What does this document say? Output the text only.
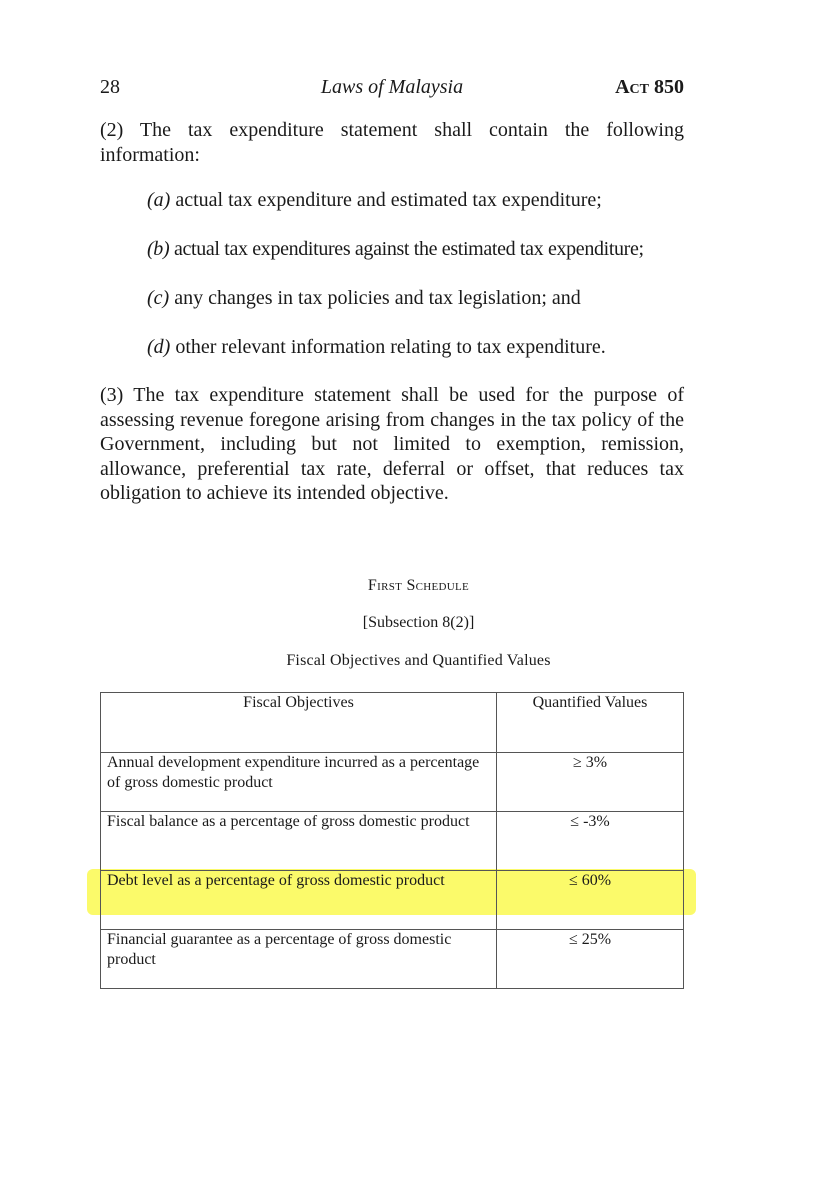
28	Laws of Malaysia	Act 850
(2) The tax expenditure statement shall contain the following information:
(a) actual tax expenditure and estimated tax expenditure;
(b) actual tax expenditures against the estimated tax expenditure;
(c) any changes in tax policies and tax legislation; and
(d) other relevant information relating to tax expenditure.
(3) The tax expenditure statement shall be used for the purpose of assessing revenue foregone arising from changes in the tax policy of the Government, including but not limited to exemption, remission, allowance, preferential tax rate, deferral or offset, that reduces tax obligation to achieve its intended objective.
First Schedule
[Subsection 8(2)]
Fiscal Objectives and Quantified Values
Fiscal Objectives	Quantified Values
Annual development expenditure incurred as a percentage of gross domestic product	≥ 3%
Fiscal balance as a percentage of gross domestic product	≤ -3%
Debt level as a percentage of gross domestic product	≤ 60%
Financial guarantee as a percentage of gross domestic product	≤ 25%
